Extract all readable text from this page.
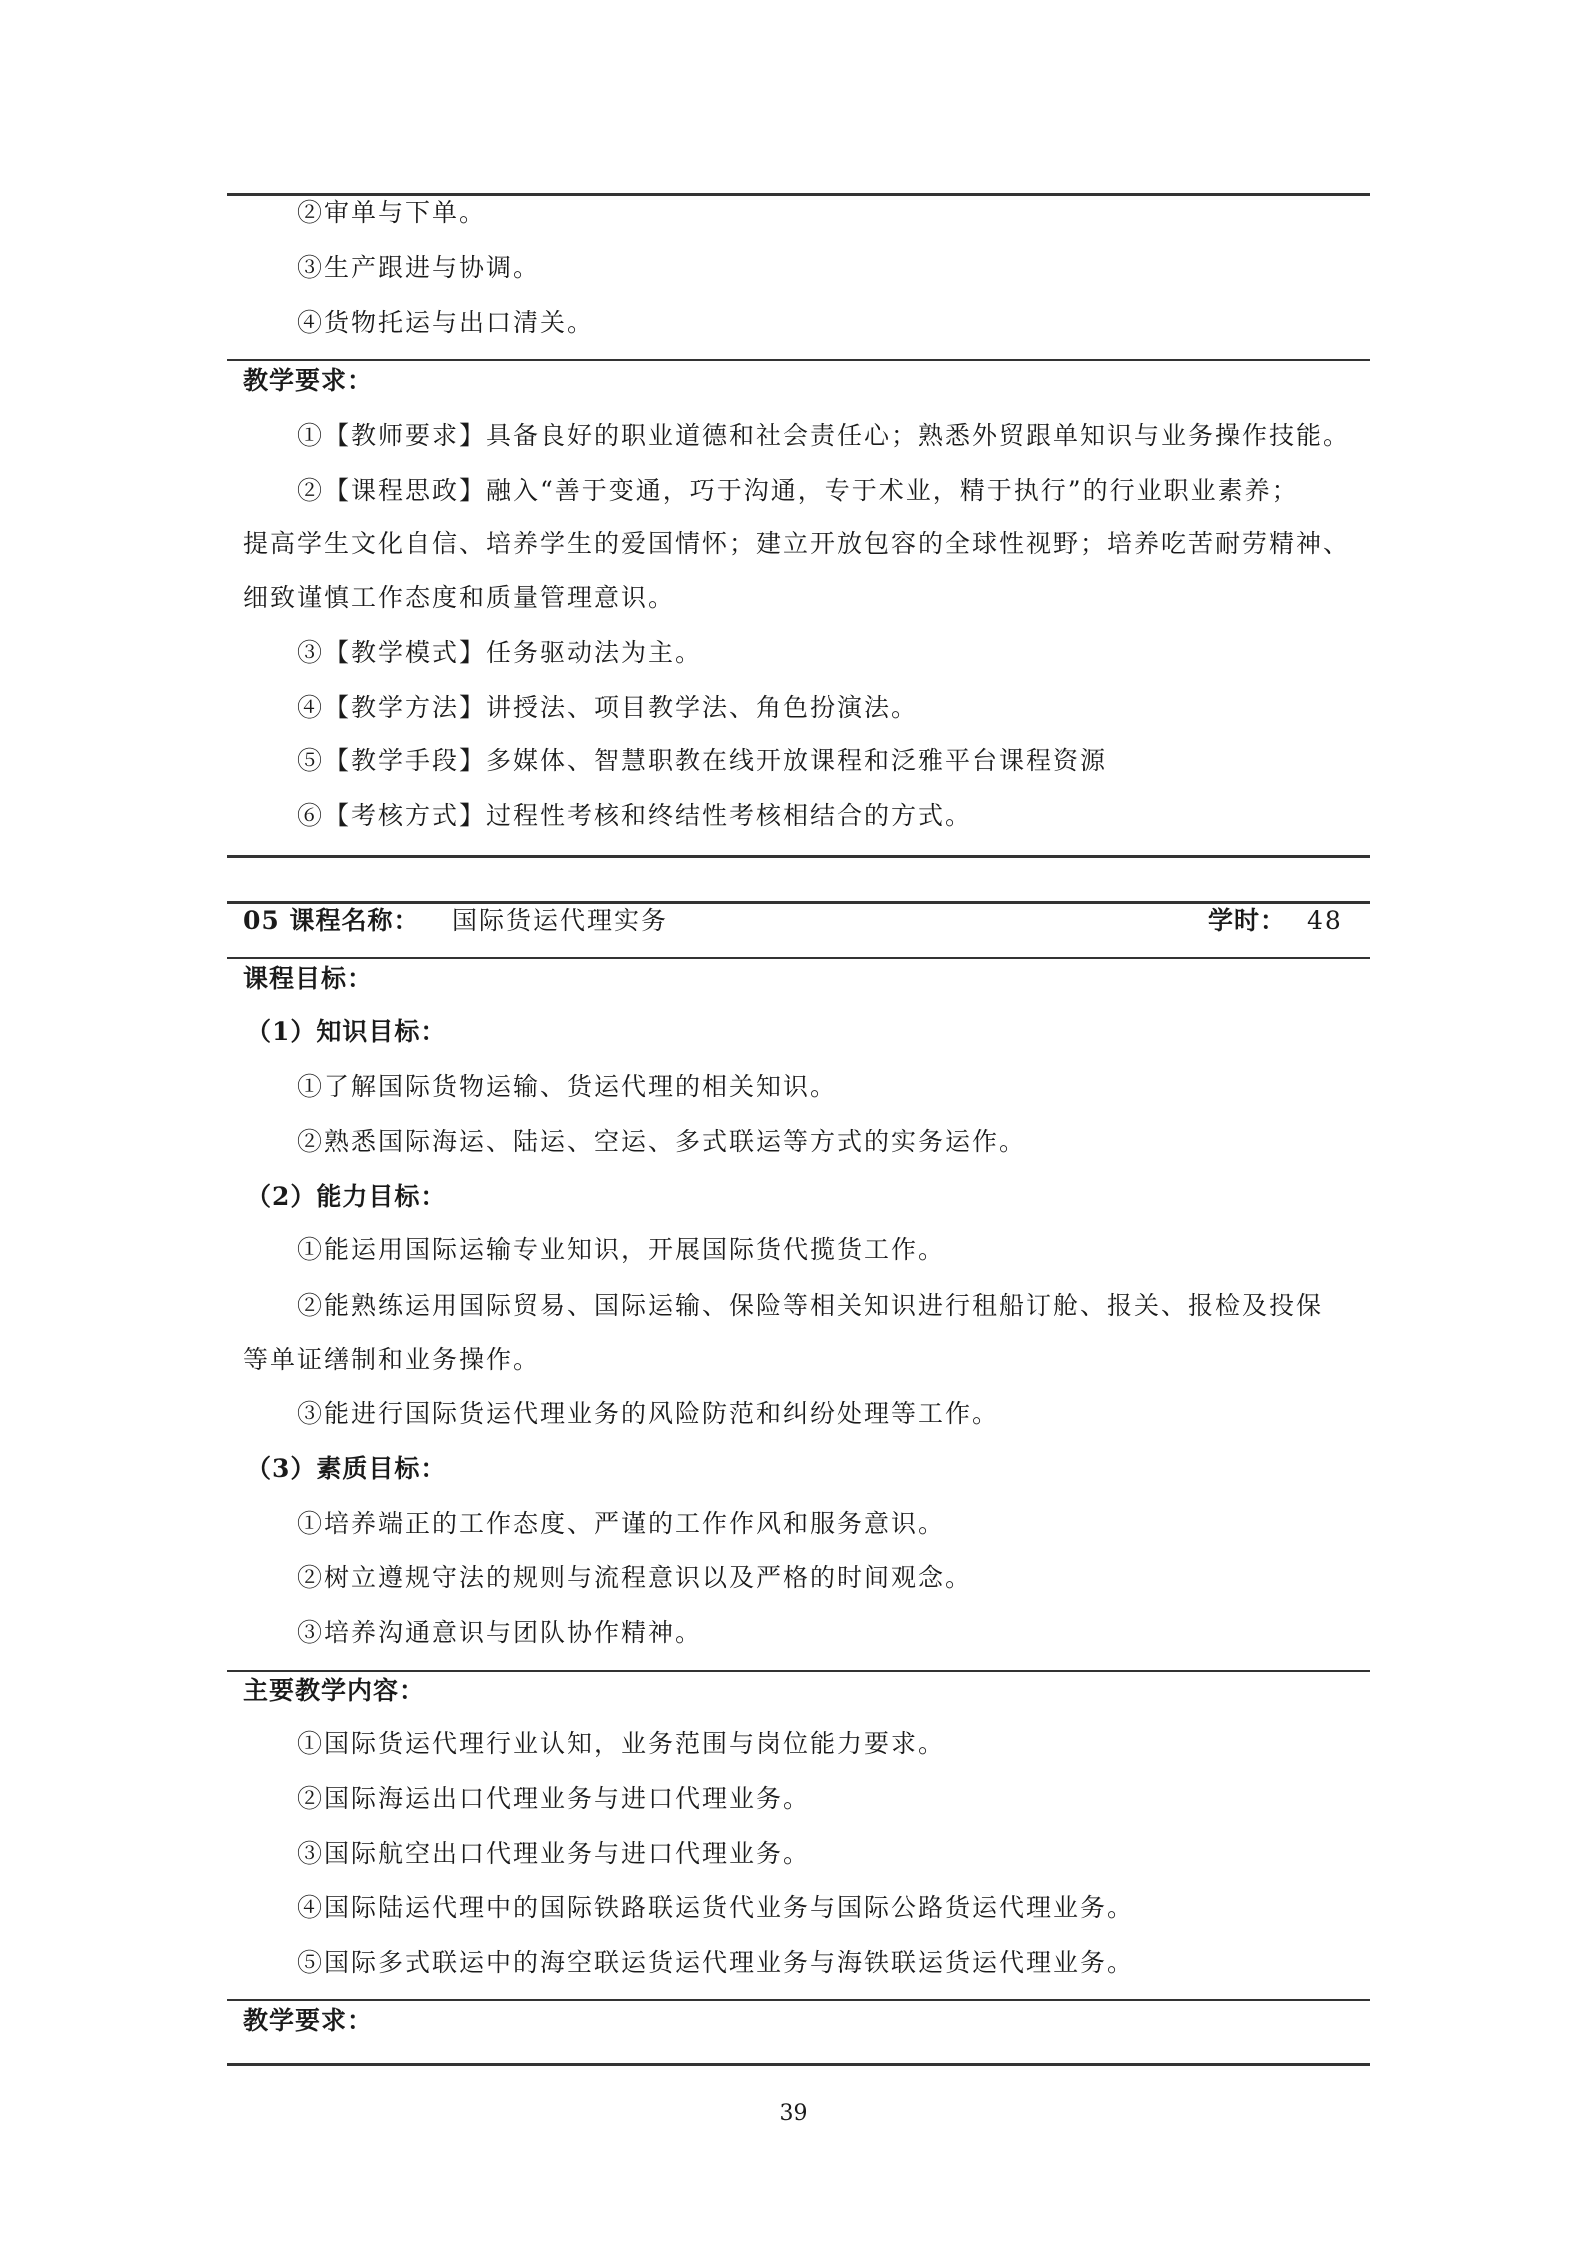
②审单与下单。
③生产跟进与协调。
④货物托运与出口清关。
教学要求：
①【教师要求】具备良好的职业道德和社会责任心；熟悉外贸跟单知识与业务操作技能。
②【课程思政】融入“善于变通，巧于沟通，专于术业，精于执行”的行业职业素养；
提高学生文化自信、培养学生的爱国情怀；建立开放包容的全球性视野；培养吃苦耐劳精神、
细致谨慎工作态度和质量管理意识。
③【教学模式】任务驱动法为主。
④【教学方法】讲授法、项目教学法、角色扮演法。
⑤【教学手段】多媒体、智慧职教在线开放课程和泛雅平台课程资源
⑥【考核方式】过程性考核和终结性考核相结合的方式。
05 课程名称： 国际货运代理实务	学时： 48
课程目标：
（1）知识目标：
①了解国际货物运输、货运代理的相关知识。
②熟悉国际海运、陆运、空运、多式联运等方式的实务运作。
（2）能力目标：
①能运用国际运输专业知识，开展国际货代揽货工作。
②能熟练运用国际贸易、国际运输、保险等相关知识进行租船订舱、报关、报检及投保
等单证缮制和业务操作。
③能进行国际货运代理业务的风险防范和纠纷处理等工作。
（3）素质目标：
①培养端正的工作态度、严谨的工作作风和服务意识。
②树立遵规守法的规则与流程意识以及严格的时间观念。
③培养沟通意识与团队协作精神。
主要教学内容：
①国际货运代理行业认知，业务范围与岗位能力要求。
②国际海运出口代理业务与进口代理业务。
③国际航空出口代理业务与进口代理业务。
④国际陆运代理中的国际铁路联运货代业务与国际公路货运代理业务。
⑤国际多式联运中的海空联运货运代理业务与海铁联运货运代理业务。
教学要求：
39
